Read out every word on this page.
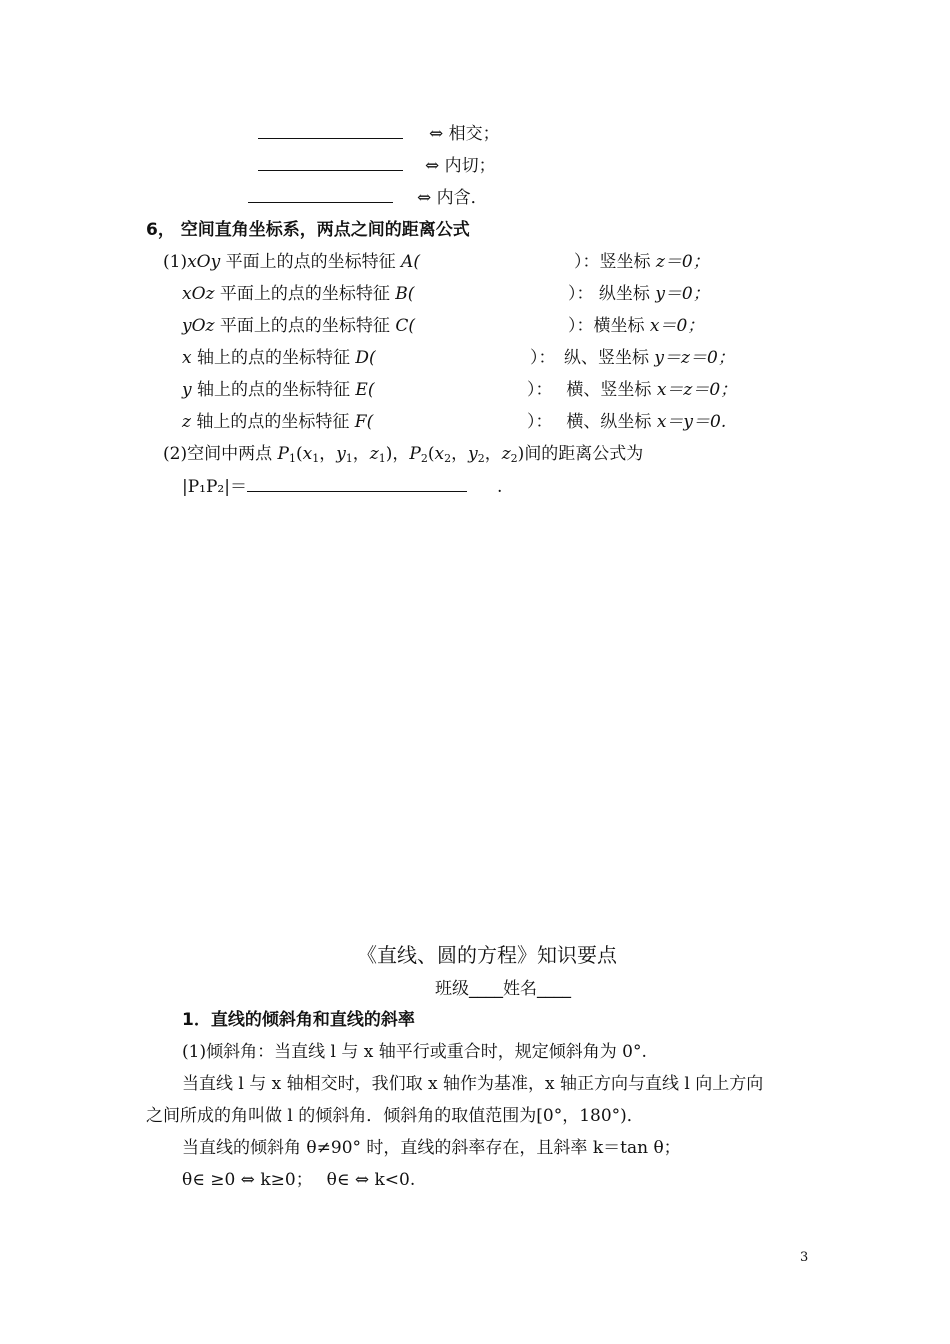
⇔ 相交；
⇔ 内切；
⇔ 内含．
6， 空间直角坐标系，两点之间的距离公式
(1)xOy 平面上的点的坐标特征 A(	）：竖坐标 z＝0；
xOz 平面上的点的坐标特征 B(	）： 纵坐标 y＝0；
yOz 平面上的点的坐标特征 C(	）：横坐标 x＝0；
x 轴上的点的坐标特征 D(	）：　纵、竖坐标 y＝z＝0；
y 轴上的点的坐标特征 E(	）：　 横、竖坐标 x＝z＝0；
z 轴上的点的坐标特征 F(	）：　 横、纵坐标 x＝y＝0.
(2)空间中两点 $P_1(x_1$，$y_1$，$z_1$)，$P_2(x_2$，$y_2$，$z_2$)间的距离公式为
|P₁P₂|＝	.
《直线、圆的方程》知识要点
班级____姓名____
1．直线的倾斜角和直线的斜率
(1)倾斜角：当直线 l 与 x 轴平行或重合时，规定倾斜角为 0°.
当直线 l 与 x 轴相交时，我们取 x 轴作为基准，x 轴正方向与直线 l 向上方向
之间所成的角叫做 l 的倾斜角．倾斜角的取值范围为[0°，180°)．
当直线的倾斜角 θ≠90° 时，直线的斜率存在，且斜率 k＝tan θ；
θ∈ ≥0 ⇔ k≥0；　 θ∈ ⇔ k<0.
3
